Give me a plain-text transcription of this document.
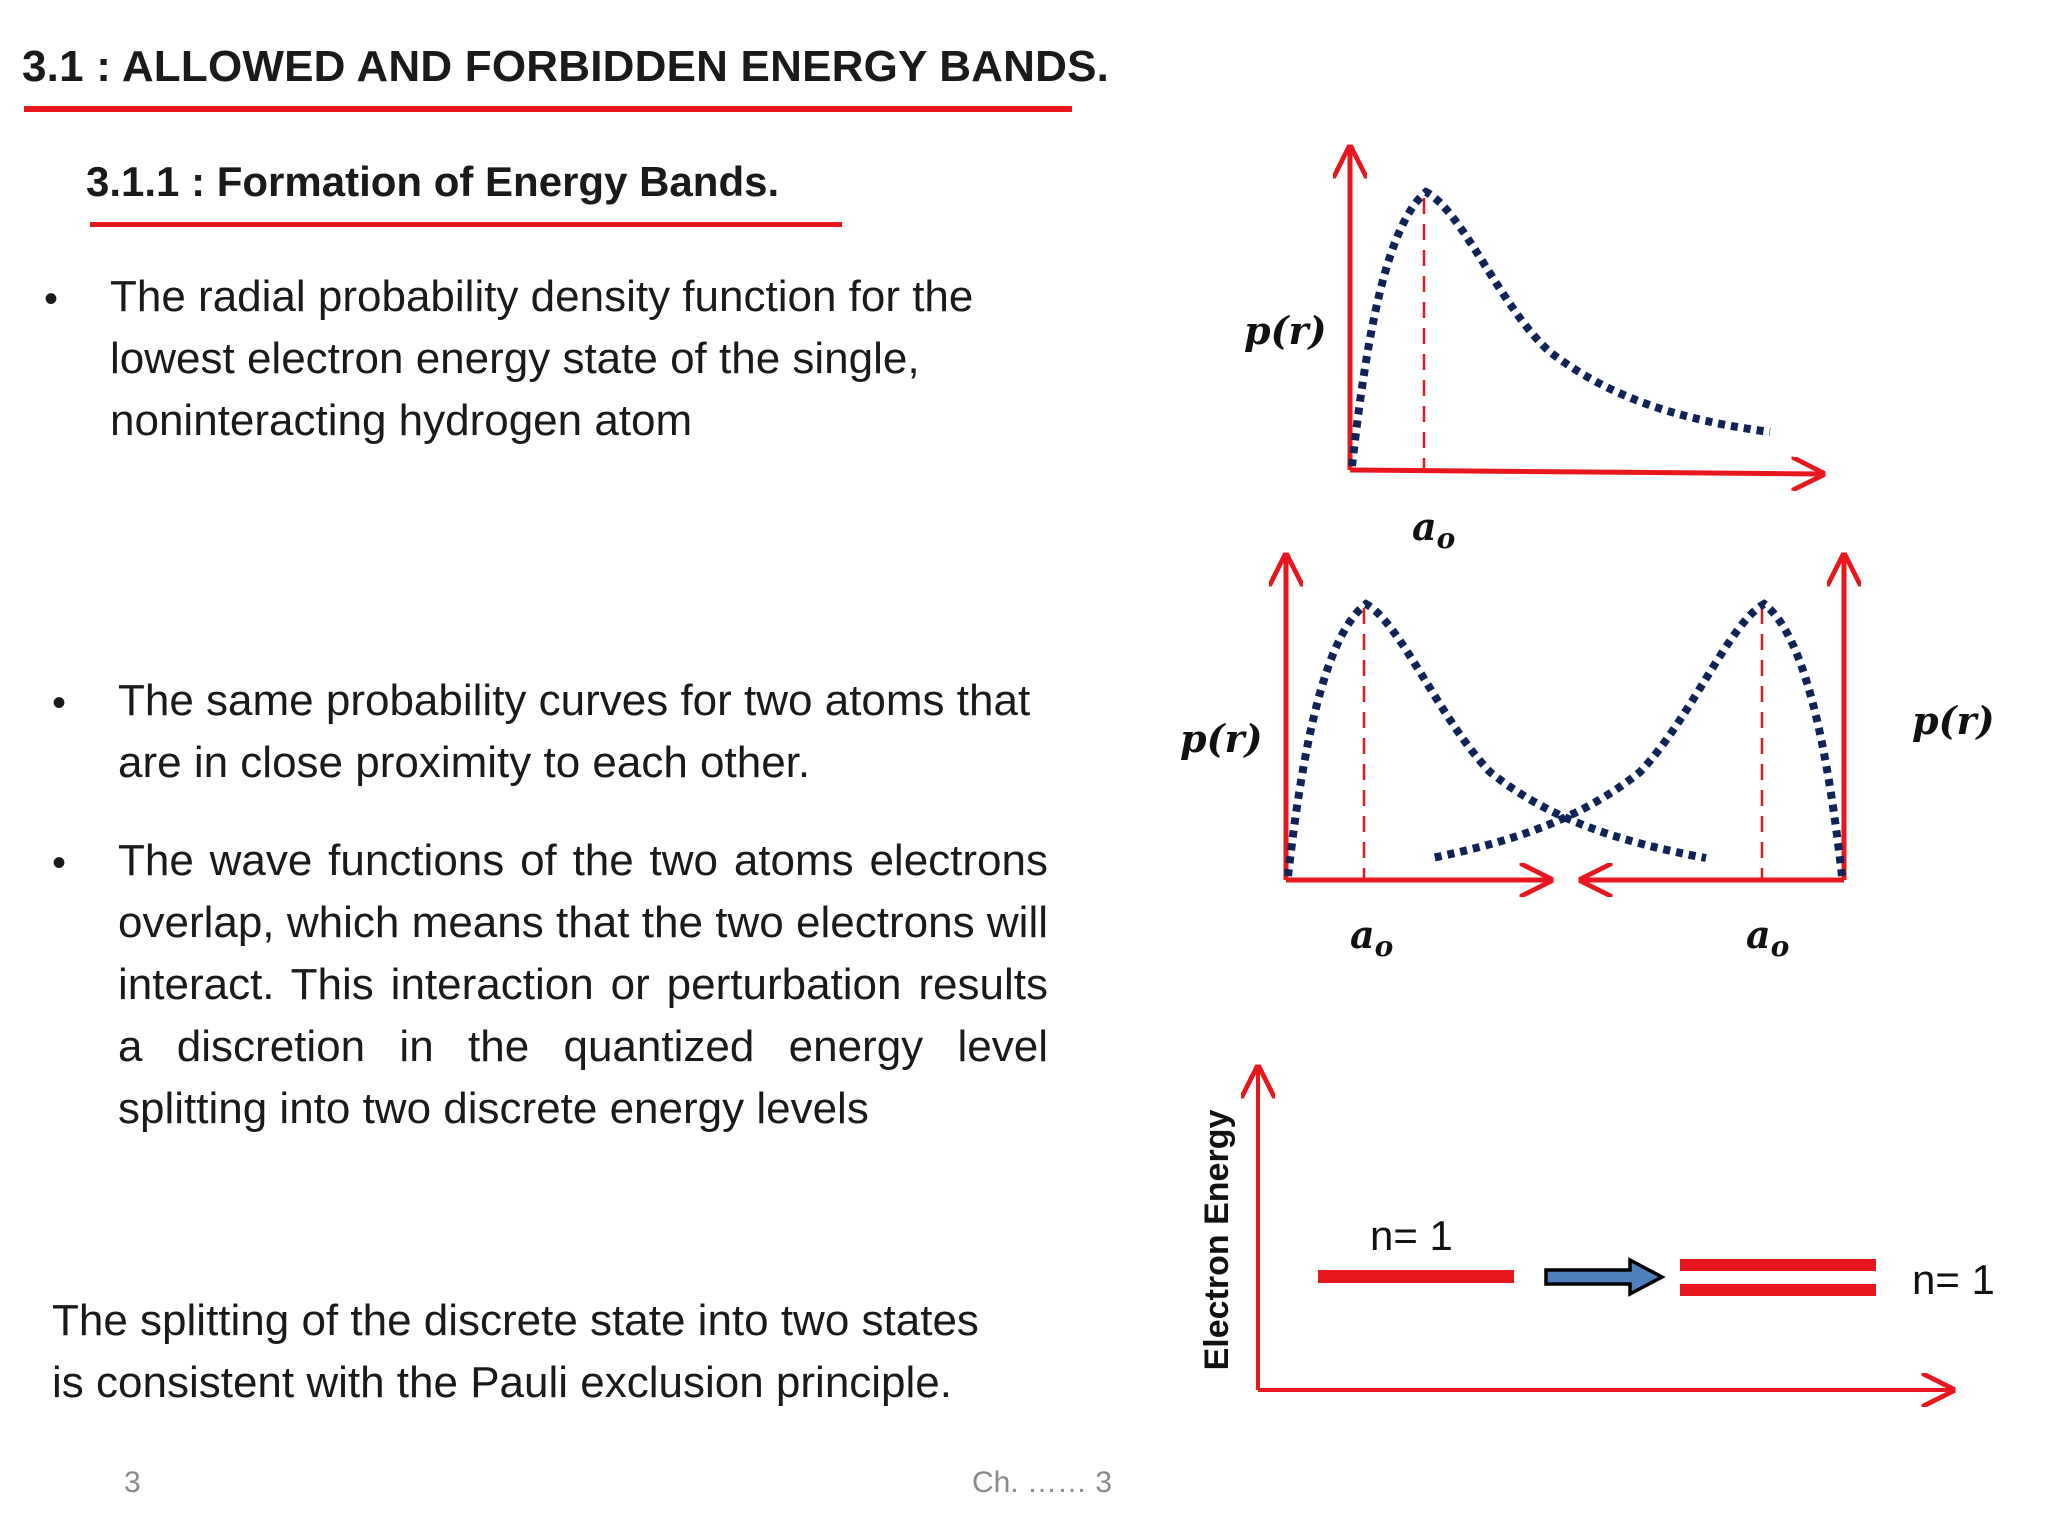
3.1 : ALLOWED AND FORBIDDEN ENERGY BANDS.
3.1.1 : Formation of Energy Bands.
• The radial probability density function for the lowest electron energy state of the single, noninteracting hydrogen atom
• The same probability curves for two atoms that are in close proximity to each other.
• The wave functions of the two atoms electrons overlap, which means that the two electrons will interact. This interaction or perturbation results a discretion in the quantized energy level splitting into two discrete energy levels
The splitting of the discrete state into two states is consistent with the Pauli exclusion principle.
3	Ch. …… 3
p(r)
$a_o$
p(r)	p(r)
$a_o$	$a_o$
Electron Energy	n= 1
n= 1
